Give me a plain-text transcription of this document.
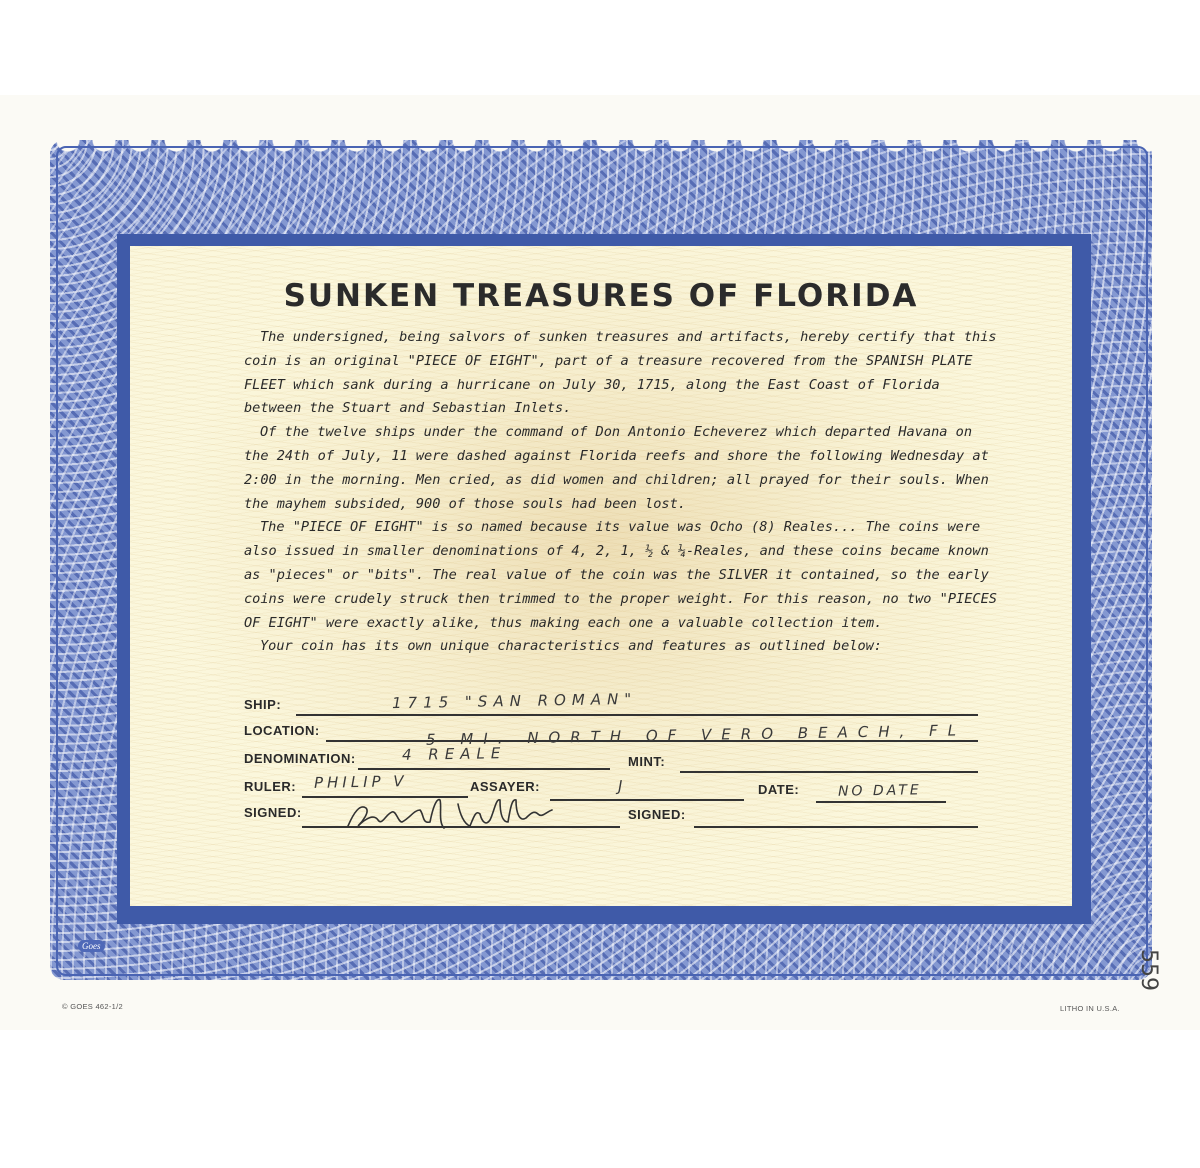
SUNKEN TREASURES OF FLORIDA

The undersigned, being salvors of sunken treasures and artifacts, hereby certify that this coin is an original "PIECE OF EIGHT", part of a treasure recovered from the SPANISH PLATE FLEET which sank during a hurricane on July 30, 1715, along the East Coast of Florida between the Stuart and Sebastian Inlets.

Of the twelve ships under the command of Don Antonio Echeverez which departed Havana on the 24th of July, 11 were dashed against Florida reefs and shore the following Wednesday at 2:00 in the morning. Men cried, as did women and children; all prayed for their souls. When the mayhem subsided, 900 of those souls had been lost.

The "PIECE OF EIGHT" is so named because its value was Ocho (8) Reales... The coins were also issued in smaller denominations of 4, 2, 1, ½ & ¼-Reales, and these coins became known as "pieces" or "bits". The real value of the coin was the SILVER it contained, so the early coins were crudely struck then trimmed to the proper weight. For this reason, no two "PIECES OF EIGHT" were exactly alike, thus making each one a valuable collection item.

Your coin has its own unique characteristics and features as outlined below:

SHIP:	1715 "SAN ROMAN"
LOCATION:	5 MI. NORTH OF VERO BEACH, FL
DENOMINATION:	4 REALE	MINT:
RULER: PHILIP V	ASSAYER:	J	DATE:	NO DATE
SIGNED:	SIGNED:
Goes
© GOES 462-1/2	LITHO IN U.S.A.
559
